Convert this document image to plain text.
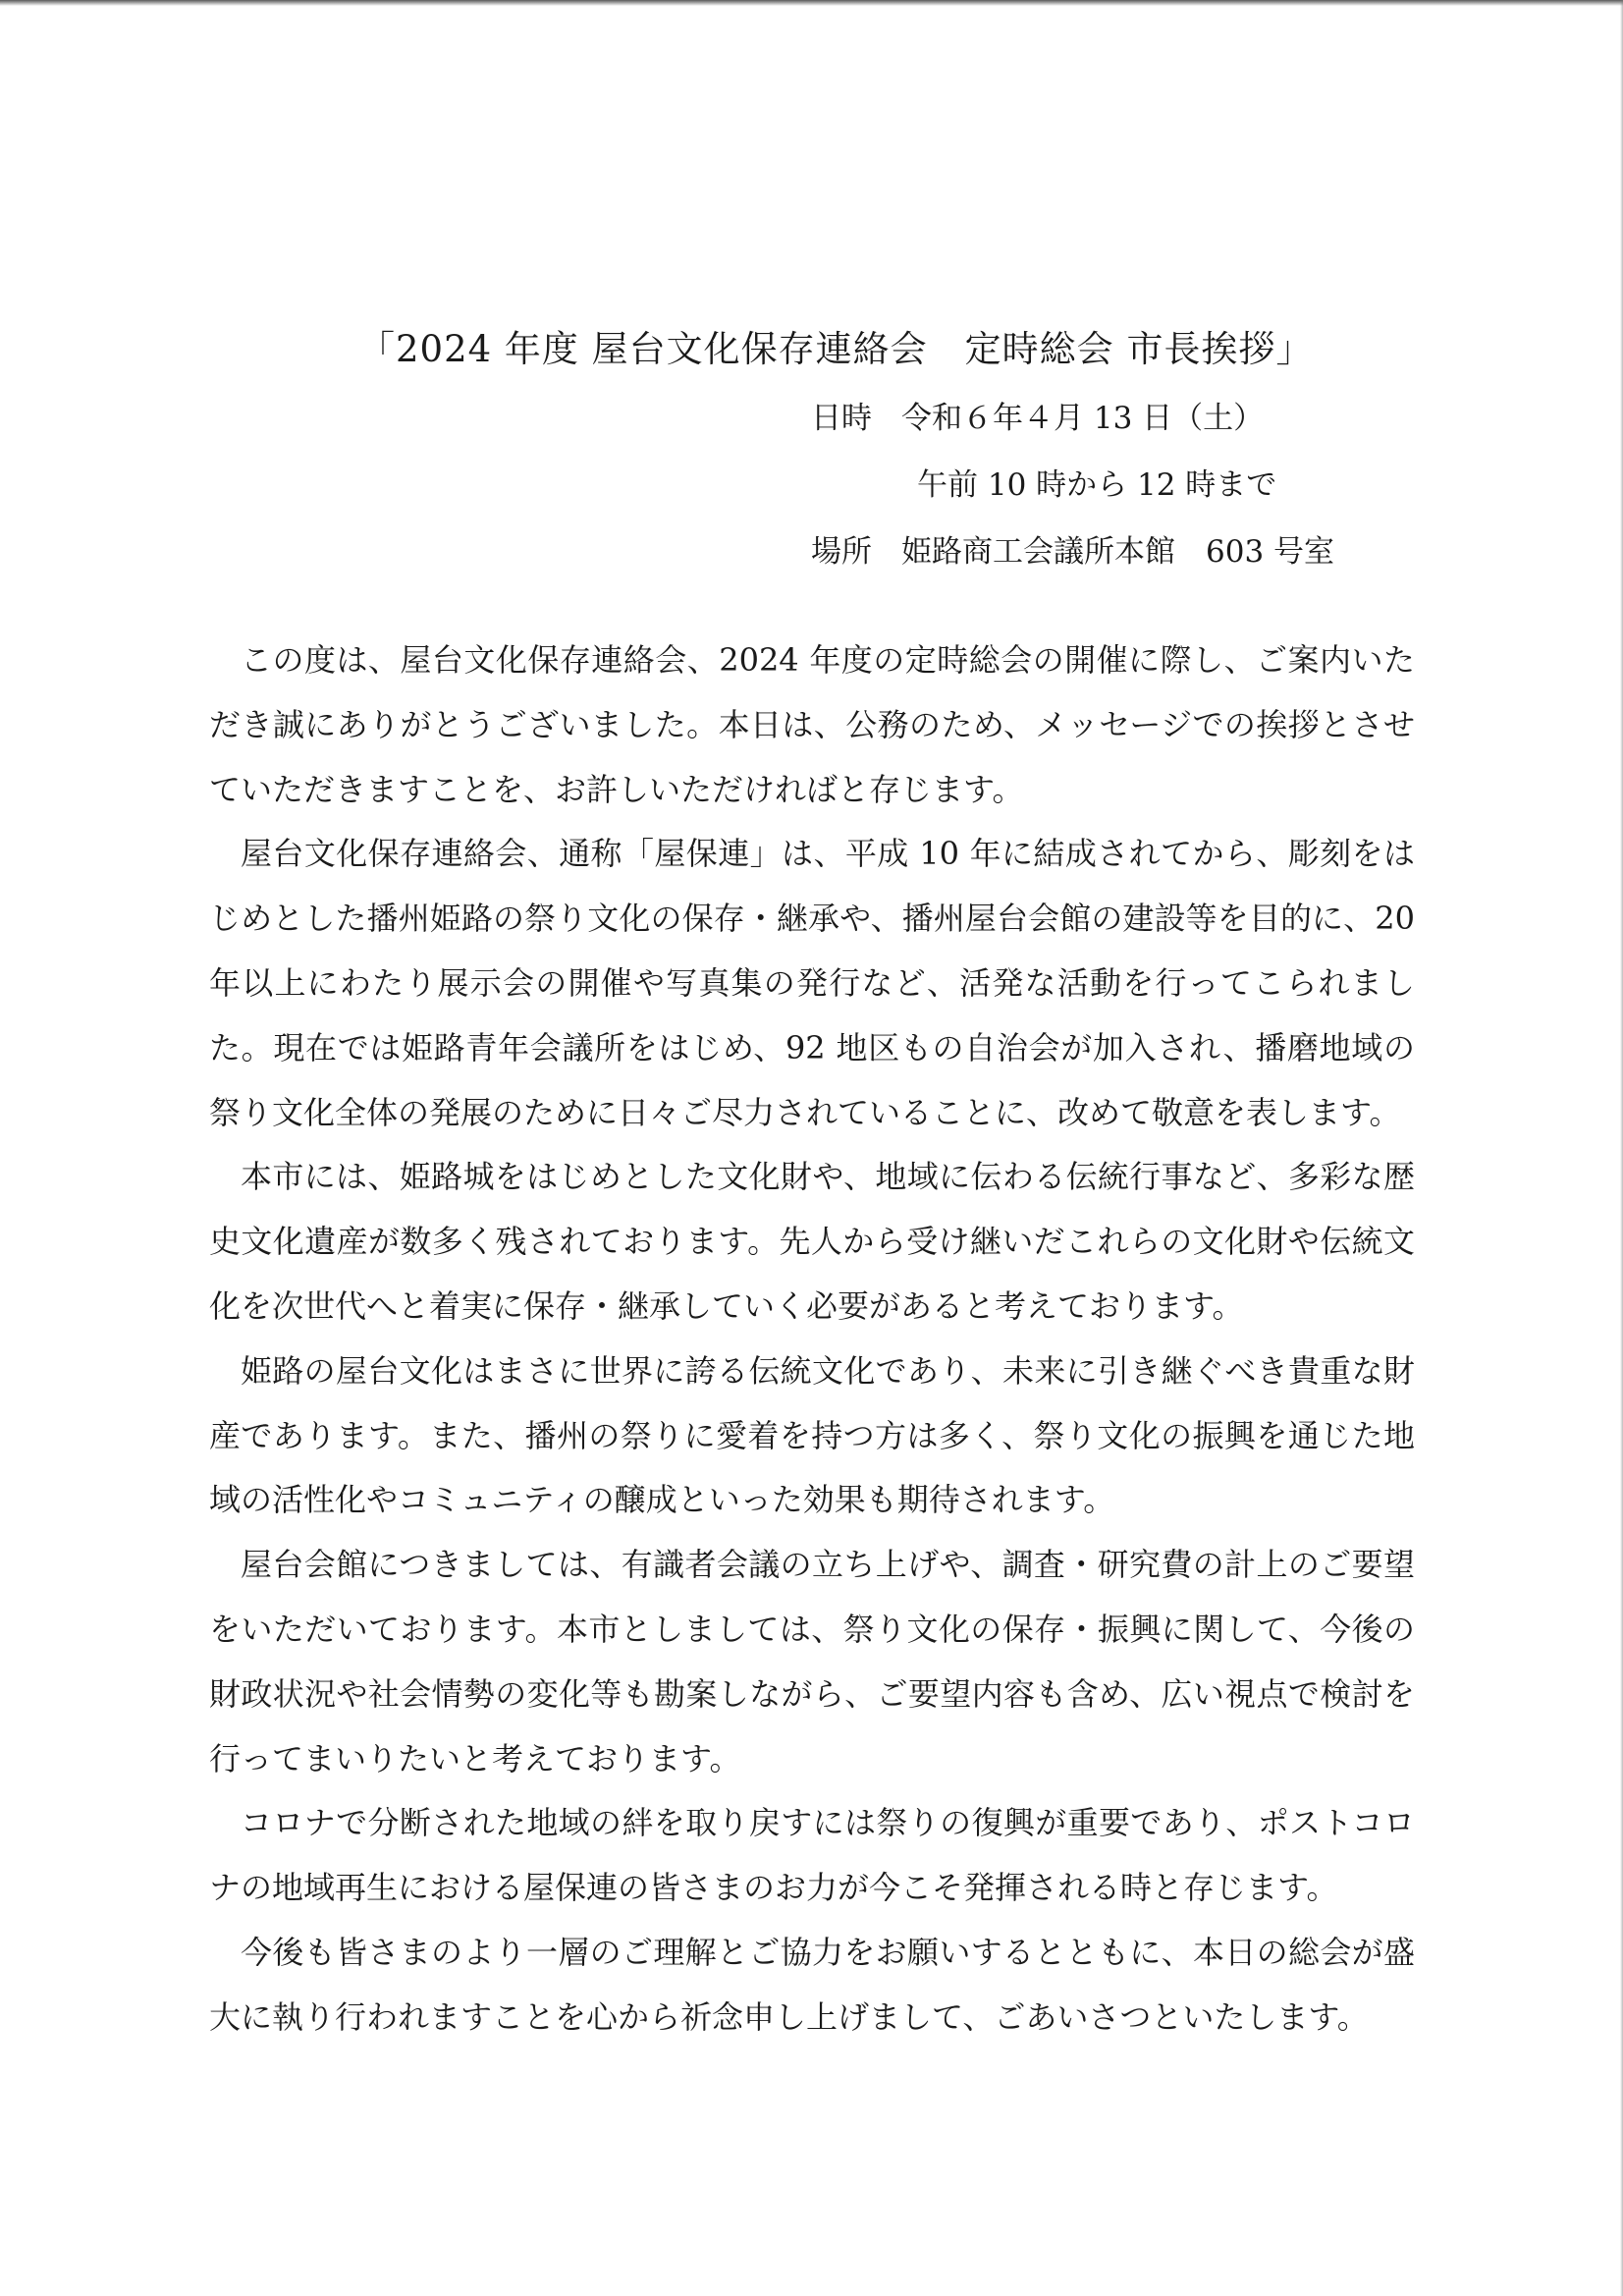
「2024 年度 屋台文化保存連絡会　定時総会 市長挨拶」
日時 令和６年４月 13 日（土）
午前 10 時から 12 時まで
場所 姫路商工会議所本館　603 号室

この度は、屋台文化保存連絡会、2024 年度の定時総会の開催に際し、ご案内いただき誠にありがとうございました。本日は、公務のため、メッセージでの挨拶とさせていただきますことを、お許しいただければと存じます。

屋台文化保存連絡会、通称「屋保連」は、平成 10 年に結成されてから、彫刻をはじめとした播州姫路の祭り文化の保存・継承や、播州屋台会館の建設等を目的に、20 年以上にわたり展示会の開催や写真集の発行など、活発な活動を行ってこられました。現在では姫路青年会議所をはじめ、92 地区もの自治会が加入され、播磨地域の祭り文化全体の発展のために日々ご尽力されていることに、改めて敬意を表します。

本市には、姫路城をはじめとした文化財や、地域に伝わる伝統行事など、多彩な歴史文化遺産が数多く残されております。先人から受け継いだこれらの文化財や伝統文化を次世代へと着実に保存・継承していく必要があると考えております。

姫路の屋台文化はまさに世界に誇る伝統文化であり、未来に引き継ぐべき貴重な財産であります。また、播州の祭りに愛着を持つ方は多く、祭り文化の振興を通じた地域の活性化やコミュニティの醸成といった効果も期待されます。

屋台会館につきましては、有識者会議の立ち上げや、調査・研究費の計上のご要望をいただいております。本市としましては、祭り文化の保存・振興に関して、今後の財政状況や社会情勢の変化等も勘案しながら、ご要望内容も含め、広い視点で検討を行ってまいりたいと考えております。

コロナで分断された地域の絆を取り戻すには祭りの復興が重要であり、ポストコロナの地域再生における屋保連の皆さまのお力が今こそ発揮される時と存じます。

今後も皆さまのより一層のご理解とご協力をお願いするとともに、本日の総会が盛大に執り行われますことを心から祈念申し上げまして、ごあいさつといたします。
